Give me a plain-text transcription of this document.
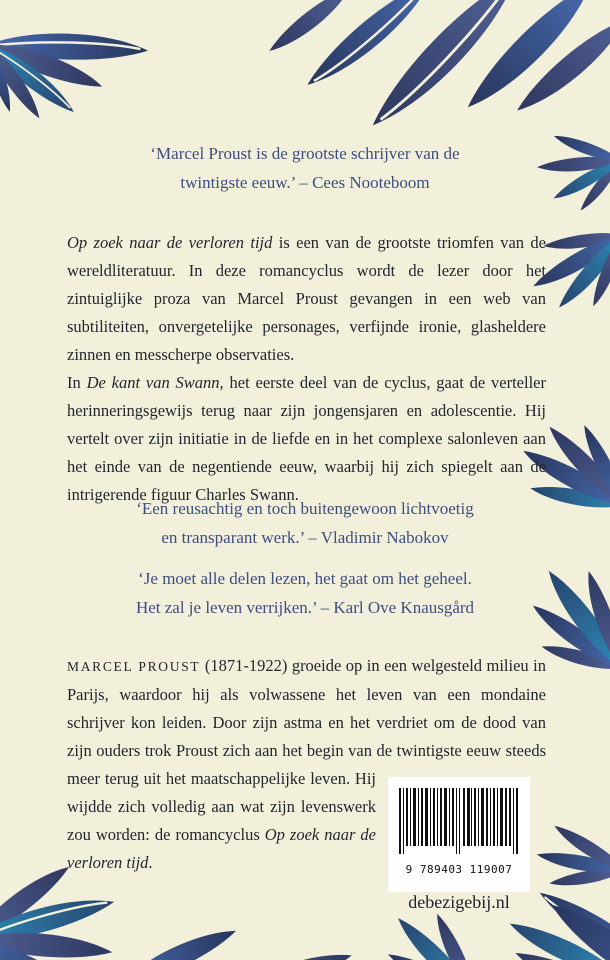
‘Marcel Proust is de grootste schrijver van de
twintigste eeuw.’ – Cees Nooteboom

Op zoek naar de verloren tijd is een van de grootste triomfen van de wereldliteratuur. In deze romancyclus wordt de lezer door het zintuiglijke proza van Marcel Proust gevangen in een web van subtiliteiten, onvergetelijke personages, verfijnde ironie, glasheldere zinnen en messcherpe observaties.

In De kant van Swann, het eerste deel van de cyclus, gaat de verteller herinneringsgewijs terug naar zijn jongensjaren en adolescentie. Hij vertelt over zijn initiatie in de liefde en in het complexe salonleven aan het einde van de negentiende eeuw, waarbij hij zich spiegelt aan de intrigerende figuur Charles Swann.

‘Een reusachtig en toch buitengewoon lichtvoetig
en transparant werk.’ – Vladimir Nabokov
‘Je moet alle delen lezen, het gaat om het geheel.
Het zal je leven verrijken.’ – Karl Ove Knausgård

MARCEL PROUST (1871-1922) groeide op in een welgesteld milieu in Parijs, waardoor hij als volwassene het leven van een mondaine schrijver kon leiden. Door zijn astma en het verdriet om de dood van zijn ouders trok Proust zich aan het begin van de twintigste eeuw steeds meer
9 789403 119007
terug uit het maatschappelijke leven. Hij wijdde zich volledig aan wat zijn levenswerk zou worden: de romancyclus Op zoek naar de verloren tijd.

debezigebij.nl
